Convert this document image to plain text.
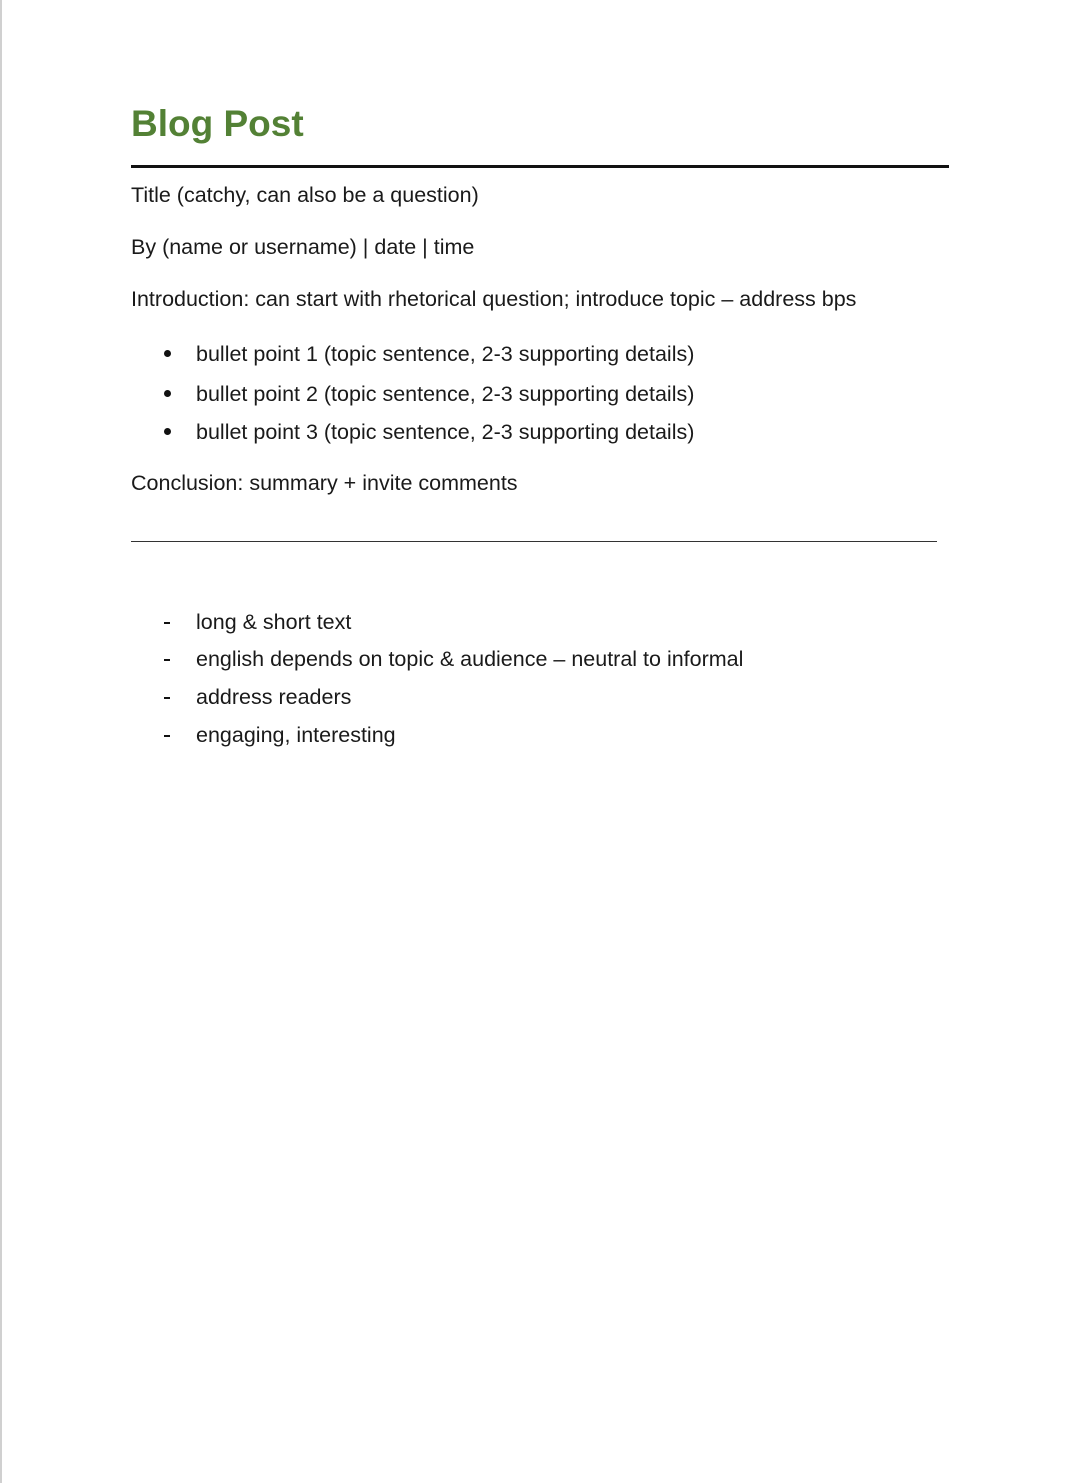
Blog Post

Title (catchy, can also be a question)

By (name or username) | date | time

Introduction: can start with rhetorical question; introduce topic – address bps

bullet point 1 (topic sentence, 2-3 supporting details)
bullet point 2 (topic sentence, 2-3 supporting details)
bullet point 3 (topic sentence, 2-3 supporting details)

Conclusion: summary + invite comments

long & short text
english depends on topic & audience – neutral to informal
address readers
engaging, interesting
